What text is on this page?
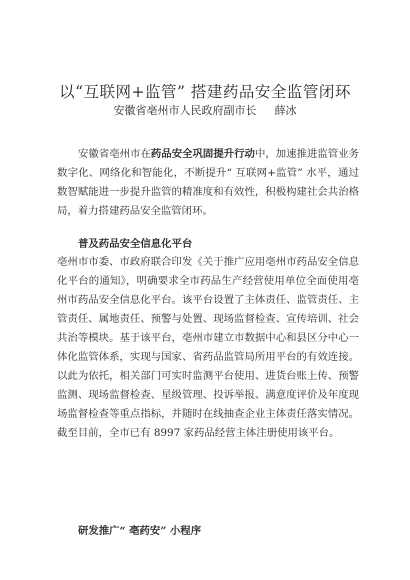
以“互联网+监管” 搭建药品安全监管闭环
安徽省亳州市人民政府副市长 薛冰
安徽省亳州市在药品安全巩固提升行动中，加速推进监管业务数字化、网络化和智能化，不断提升“ 互联网+监管” 水平，通过数智赋能进一步提升监管的精准度和有效性，积极构建社会共治格局，着力搭建药品安全监管闭环。
普及药品安全信息化平台
亳州市市委、市政府联合印发《关于推广应用亳州市药品安全信息化平台的通知》，明确要求全市药品生产经营使用单位全面使用亳州市药品安全信息化平台。该平台设置了主体责任、监管责任、主管责任、属地责任、预警与处置、现场监督检查、宣传培训、社会共治等模块。基于该平台，亳州市建立市数据中心和县区分中心一体化监管体系，实现与国家、省药品监管局所用平台的有效连接。以此为依托，相关部门可实时监测平台使用、进货台账上传、预警监测、现场监督检查、星级管理、投诉举报、满意度评价及年度现场监督检查等重点指标，并随时在线抽查企业主体责任落实情况。截至目前，全市已有 8997 家药品经营主体注册使用该平台。
研发推广“ 亳药安” 小程序
